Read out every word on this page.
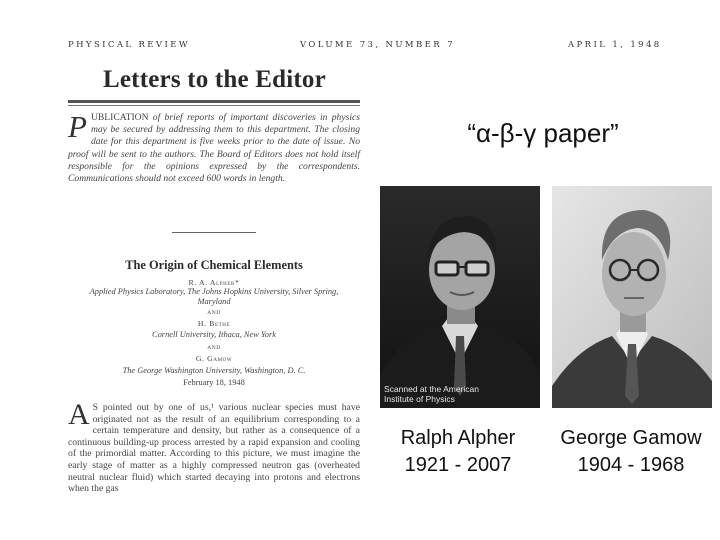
PHYSICAL REVIEW	VOLUME 73, NUMBER 7	APRIL 1, 1948
Letters to the Editor
PUBLICATION of brief reports of important discoveries in physics may be secured by addressing them to this department. The closing date for this department is five weeks prior to the date of issue. No proof will be sent to the authors. The Board of Editors does not hold itself responsible for the opinions expressed by the correspondents. Communications should not exceed 600 words in length.
The Origin of Chemical Elements
R. A. Alpher*
Applied Physics Laboratory, The Johns Hopkins University, Silver Spring, Maryland
AND
H. Bethe
Cornell University, Ithaca, New York
AND
G. Gamow
The George Washington University, Washington, D. C.
February 18, 1948
A S pointed out by one of us,¹ various nuclear species must have originated not as the result of an equilibrium corresponding to a certain temperature and density, but rather as a consequence of a continuous building-up process arrested by a rapid expansion and cooling of the primordial matter. According to this picture, we must imagine the early stage of matter as a highly compressed neutron gas (overheated neutral nuclear fluid) which started decaying into protons and electrons when the gas
“α-β-γ paper”
Scanned at the American Institute of Physics
Ralph Alpher
1921 - 2007
George Gamow
1904 - 1968
